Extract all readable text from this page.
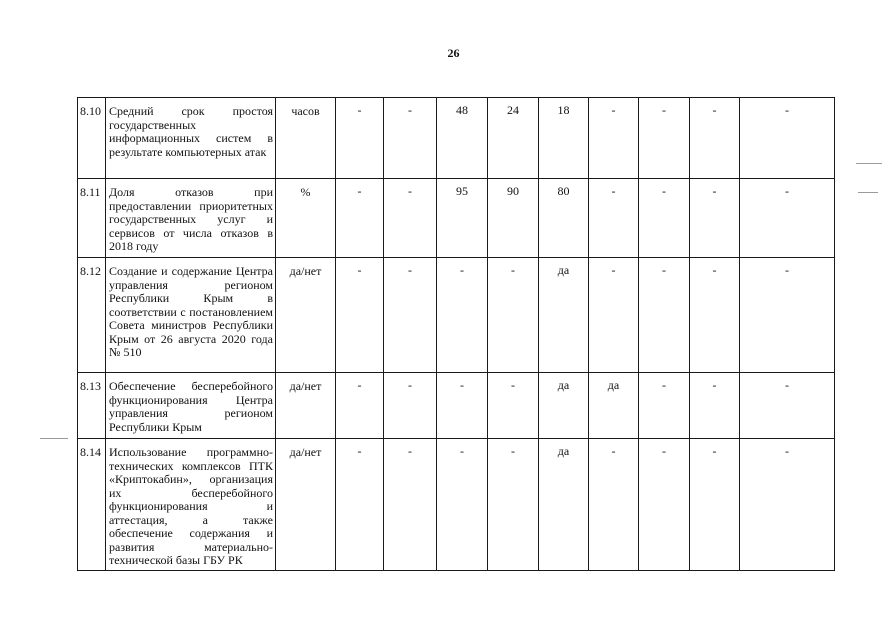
26
8.10	Средний срок простоя государственных информационных систем в результате компьютерных атак	часов	-	-	48	24	18	-	-	-	-
8.11	Доля отказов при предоставлении приоритетных государственных услуг и сервисов от числа отказов в 2018 году	%	-	-	95	90	80	-	-	-	-
8.12	Создание и содержание Центра управления регионом Республики Крым в соответствии с постановлением Совета министров Республики Крым от 26 августа 2020 года № 510	да/нет	-	-	-	-	да	-	-	-	-
8.13	Обеспечение бесперебойного функционирования Центра управления регионом Республики Крым	да/нет	-	-	-	-	да	да	-	-	-
8.14	Использование программно-технических комплексов ПТК «Криптокабин», организация их бесперебойного функционирования и аттестация, а также обеспечение содержания и развития материально-технической базы ГБУ РК	да/нет	-	-	-	-	да	-	-	-	-
